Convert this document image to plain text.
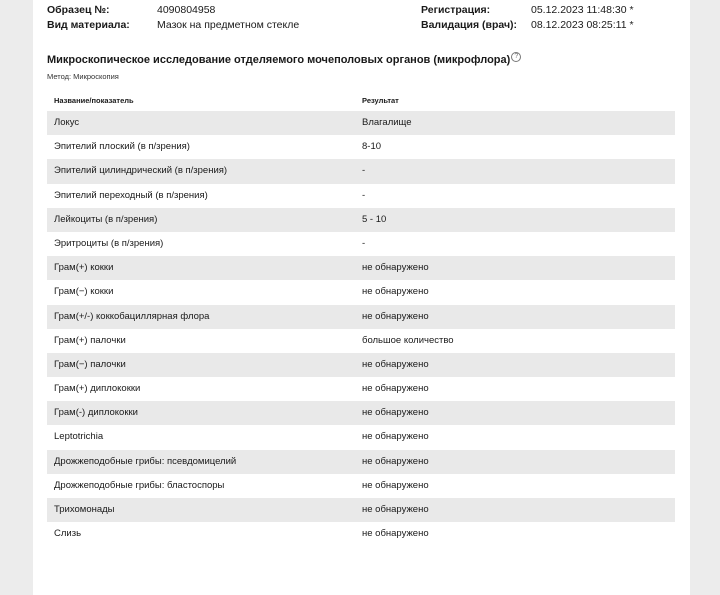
Образец №:	4090804958
Вид материала:	Мазок на предметном стекле
Регистрация:	05.12.2023 11:48:30 *
Валидация (врач): 08.12.2023 08:25:11 *
Микроскопическое исследование отделяемого мочеполовых органов (микрофлора) ?
Метод: Микроскопия
Название/показатель	Результат
Локус	Влагалище
Эпителий плоский (в п/зрения)	8-10
Эпителий цилиндрический (в п/зрения)	-
Эпителий переходный (в п/зрения)	-
Лейкоциты (в п/зрения)	5 - 10
Эритроциты (в п/зрения)	-
Грам(+) кокки	не обнаружено
Грам(−) кокки	не обнаружено
Грам(+/-) коккобациллярная флора	не обнаружено
Грам(+) палочки	большое количество
Грам(−) палочки	не обнаружено
Грам(+) диплококки	не обнаружено
Грам(-) диплококки	не обнаружено
Leptotrichia	не обнаружено
Дрожжеподобные грибы: псевдомицелий	не обнаружено
Дрожжеподобные грибы: бластоспоры	не обнаружено
Трихомонады	не обнаружено
Слизь	не обнаружено
